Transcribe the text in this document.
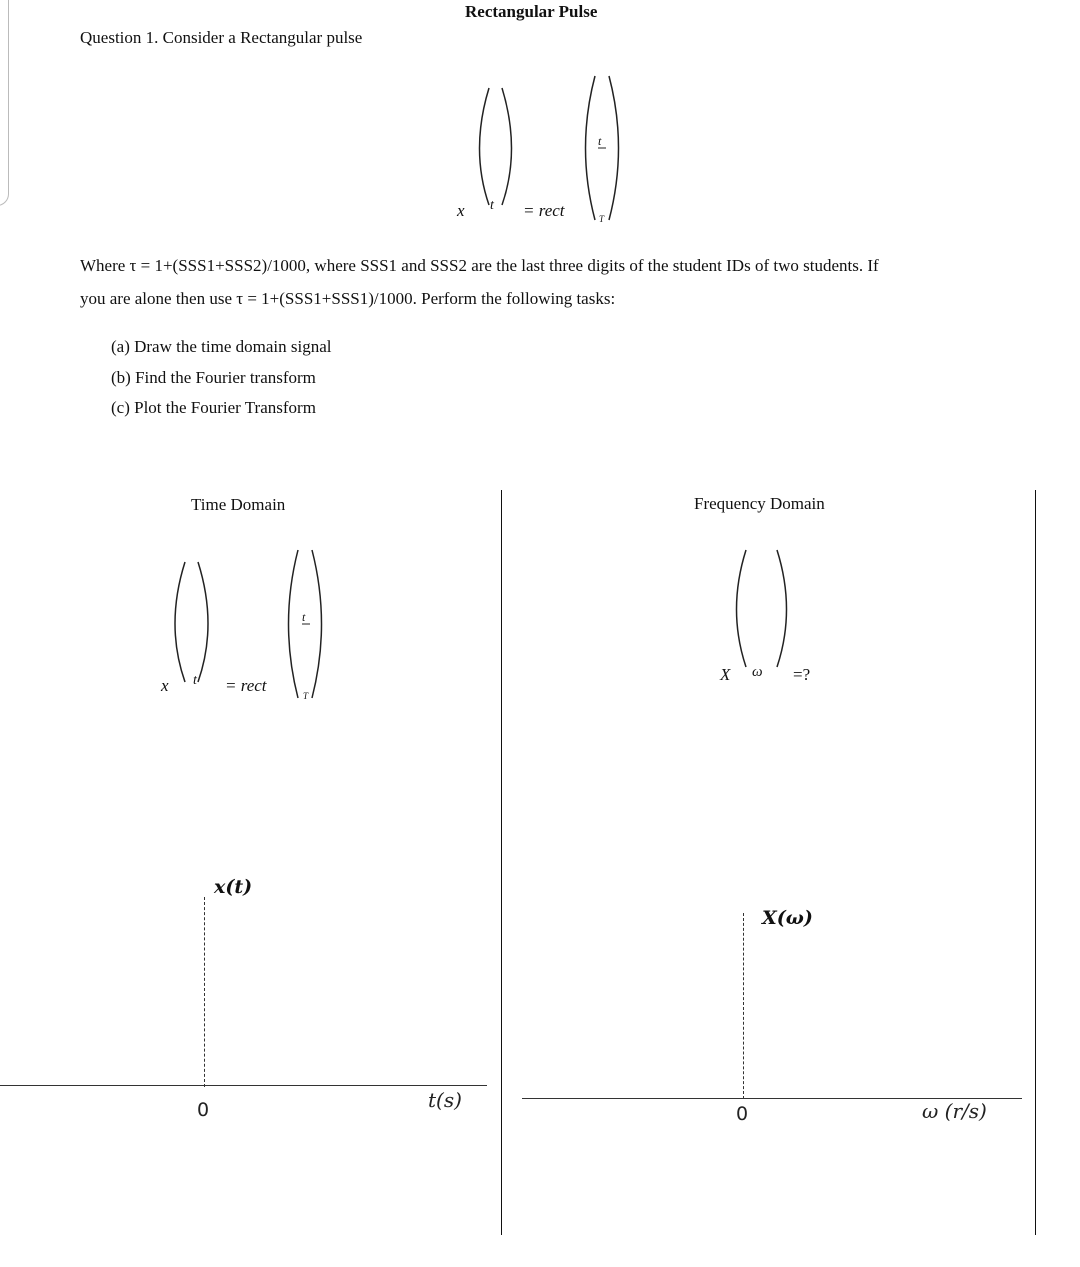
Rectangular Pulse
Question 1. Consider a Rectangular pulse
x t = rect
t
T
Where τ = 1+(SSS1+SSS2)/1000, where SSS1 and SSS2 are the last three digits of the student IDs of two students. If
you are alone then use τ = 1+(SSS1+SSS1)/1000. Perform the following tasks:
(a) Draw the time domain signal
(b) Find the Fourier transform
(c) Plot the Fourier Transform
Time Domain
x t = rect
t
T
x(t)
0	t(s)
Frequency Domain
X ω =?
X(ω)
0	ω (r/s)
